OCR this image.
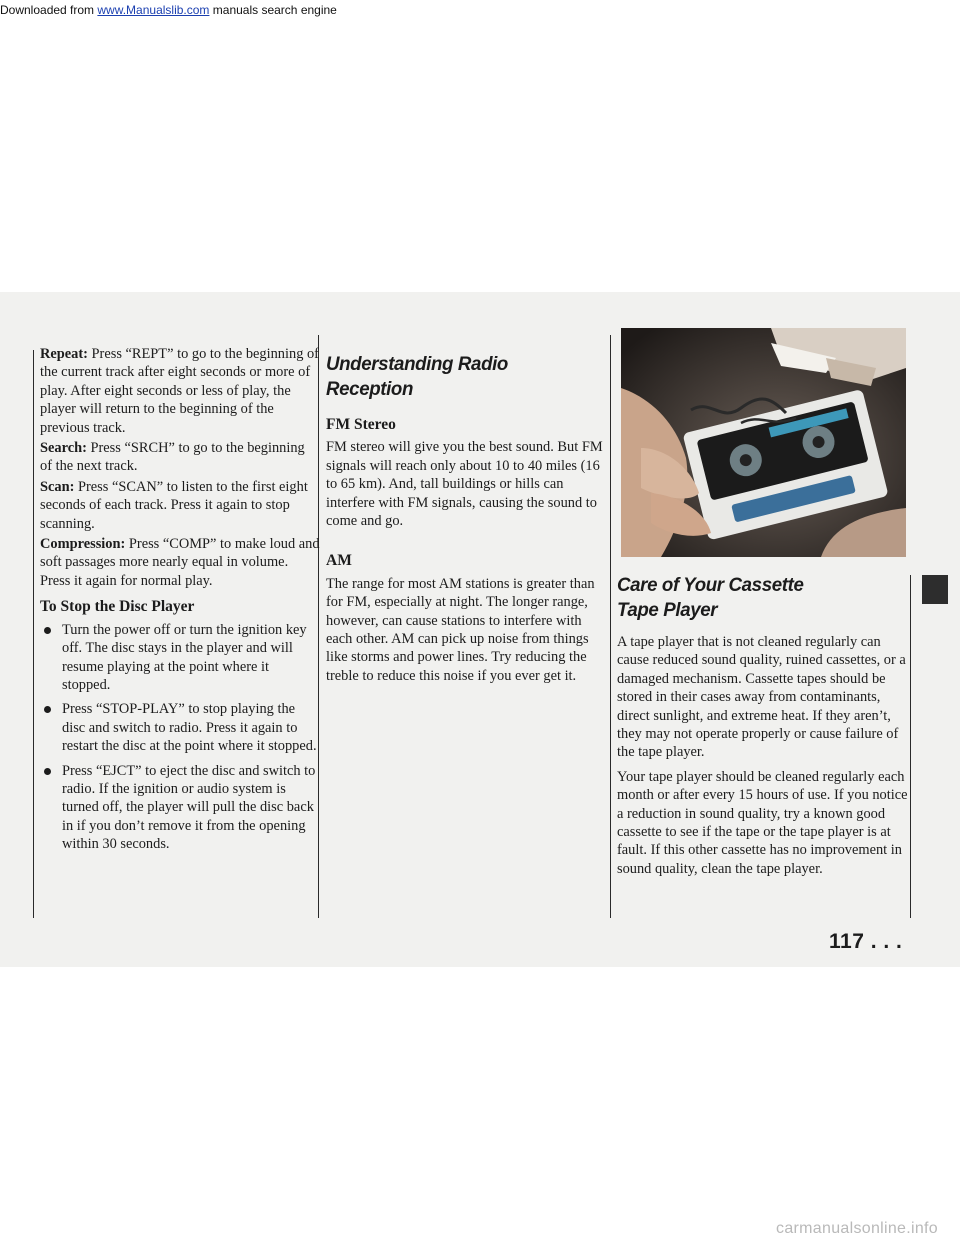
Downloaded from www.Manualslib.com manuals search engine

Repeat: Press “REPT” to go to the beginning of the current track after eight seconds or more of play. After eight seconds or less of play, the player will return to the beginning of the previous track.

Search: Press “SRCH” to go to the beginning of the next track.

Scan: Press “SCAN” to listen to the first eight seconds of each track. Press it again to stop scanning.

Compression: Press “COMP” to make loud and soft passages more nearly equal in volume. Press it again for normal play.

To Stop the Disc Player
Turn the power off or turn the ignition key off. The disc stays in the player and will resume playing at the point where it stopped.
Press “STOP-PLAY” to stop playing the disc and switch to radio. Press it again to restart the disc at the point where it stopped.
Press “EJCT” to eject the disc and switch to radio. If the ignition or audio system is turned off, the player will pull the disc back in if you don’t remove it from the opening within 30 seconds.
Understanding Radio Reception
FM Stereo

FM stereo will give you the best sound. But FM signals will reach only about 10 to 40 miles (16 to 65 km). And, tall buildings or hills can interfere with FM signals, causing the sound to come and go.

AM

The range for most AM stations is greater than for FM, especially at night. The longer range, however, can cause stations to interfere with each other. AM can pick up noise from things like storms and power lines. Try reducing the treble to reduce this noise if you ever get it.

Care of Your Cassette Tape Player

A tape player that is not cleaned regularly can cause reduced sound quality, ruined cassettes, or a damaged mechanism. Cassette tapes should be stored in their cases away from contaminants, direct sunlight, and extreme heat. If they aren’t, they may not operate properly or cause failure of the tape player.

Your tape player should be cleaned regularly each month or after every 15 hours of use. If you notice a reduction in sound quality, try a known good cassette to see if the tape or the tape player is at fault. If this other cassette has no improvement in sound quality, clean the tape player.

117 . . .
carmanualsonline.info
